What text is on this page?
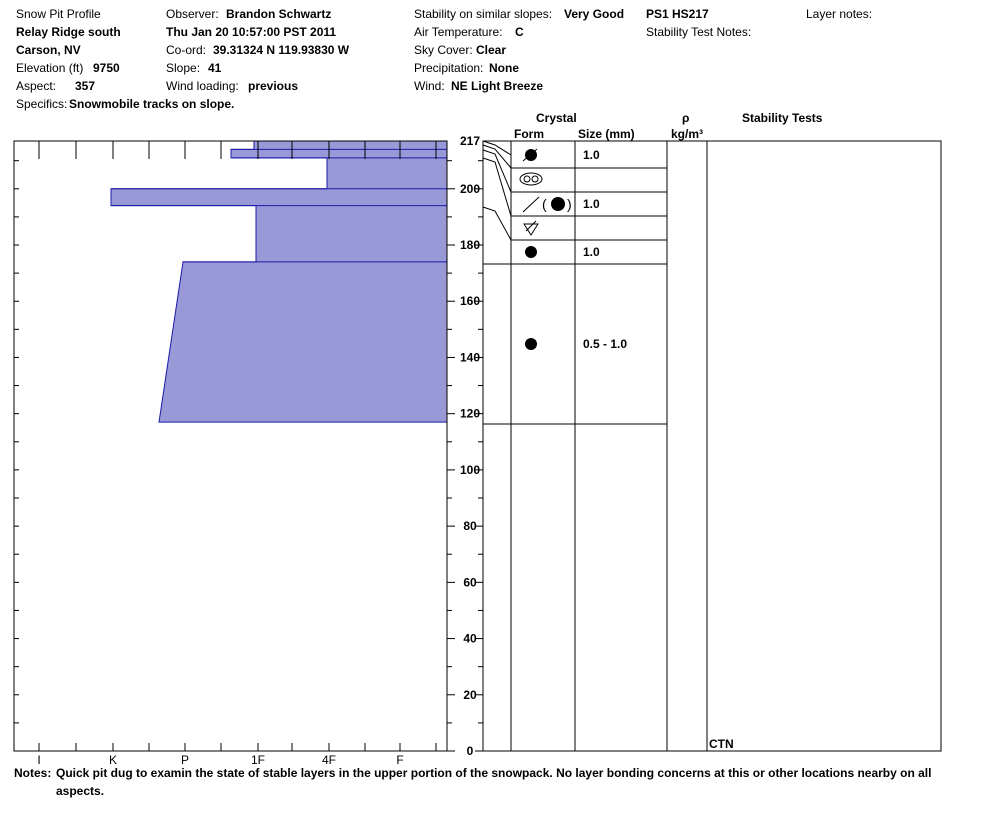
Snow Pit Profile
Relay Ridge south
Carson, NV
Elevation (ft) 9750
Aspect: 357
Specifics: Snowmobile tracks on slope.
Observer: Brandon Schwartz
Thu Jan 20 10:57:00 PST 2011
Co-ord: 39.31324 N 119.93830 W
Slope: 41
Wind loading: previous
Stability on similar slopes: Very Good
Air Temperature: C
Sky Cover: Clear
Precipitation: None
Wind: NE Light Breeze
PS1 HS217
Stability Test Notes:
Layer notes:
Crystal
Form	Size (mm)
ρ
kg/m³
Stability Tests
I	K	P	1F	4F	F
217
200
180
160
140
120
100
80
60
40
20
0
1.0
( ) 1.0
1.0
0.5 - 1.0
CTN
Notes: Quick pit dug to examin the state of stable layers in the upper portion of the snowpack. No layer bonding concerns at this or other locations nearby on all aspects.
